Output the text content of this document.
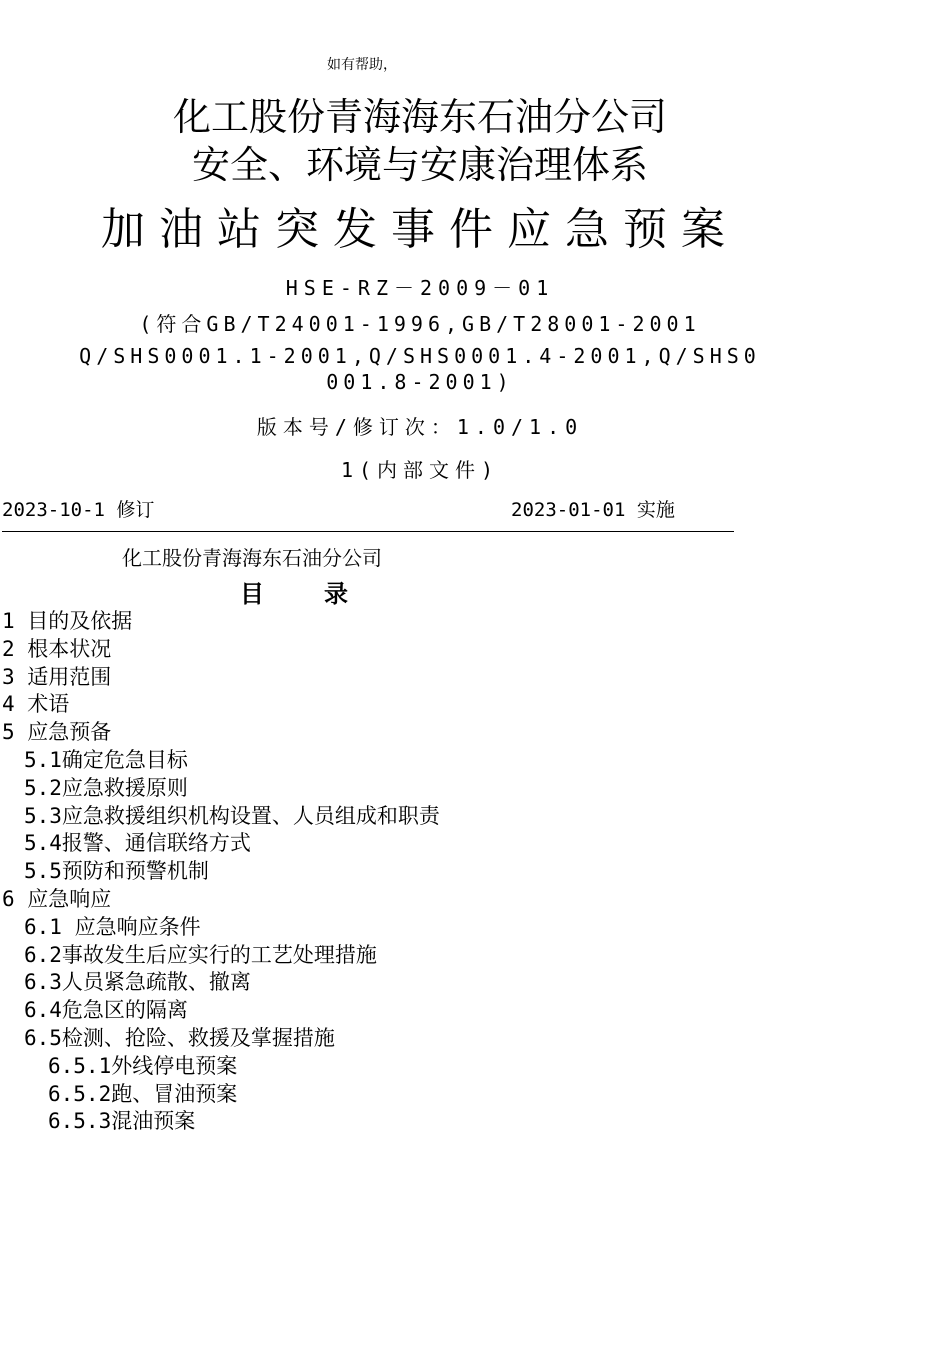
如有帮助，
化工股份青海海东石油分公司
安全、环境与安康治理体系
加油站突发事件应急预案
HSE-RZ－2009－01
(符合GB/T24001-1996,GB/T28001-2001
Q/SHS0001.1-2001,Q/SHS0001.4-2001,Q/SHS0
001.8-2001)
版本号/修订次：1.0/1.0
1(内部文件)
2023-10-1 修订	2023-01-01 实施
化工股份青海海东石油分公司
目	录
1 目的及依据
2 根本状况
3 适用范围
4 术语
5 应急预备
5.1确定危急目标
5.2应急救援原则
5.3应急救援组织机构设置、人员组成和职责
5.4报警、通信联络方式
5.5预防和预警机制
6 应急响应
6.1 应急响应条件
6.2事故发生后应实行的工艺处理措施
6.3人员紧急疏散、撤离
6.4危急区的隔离
6.5检测、抢险、救援及掌握措施
6.5.1外线停电预案
6.5.2跑、冒油预案
6.5.3混油预案
